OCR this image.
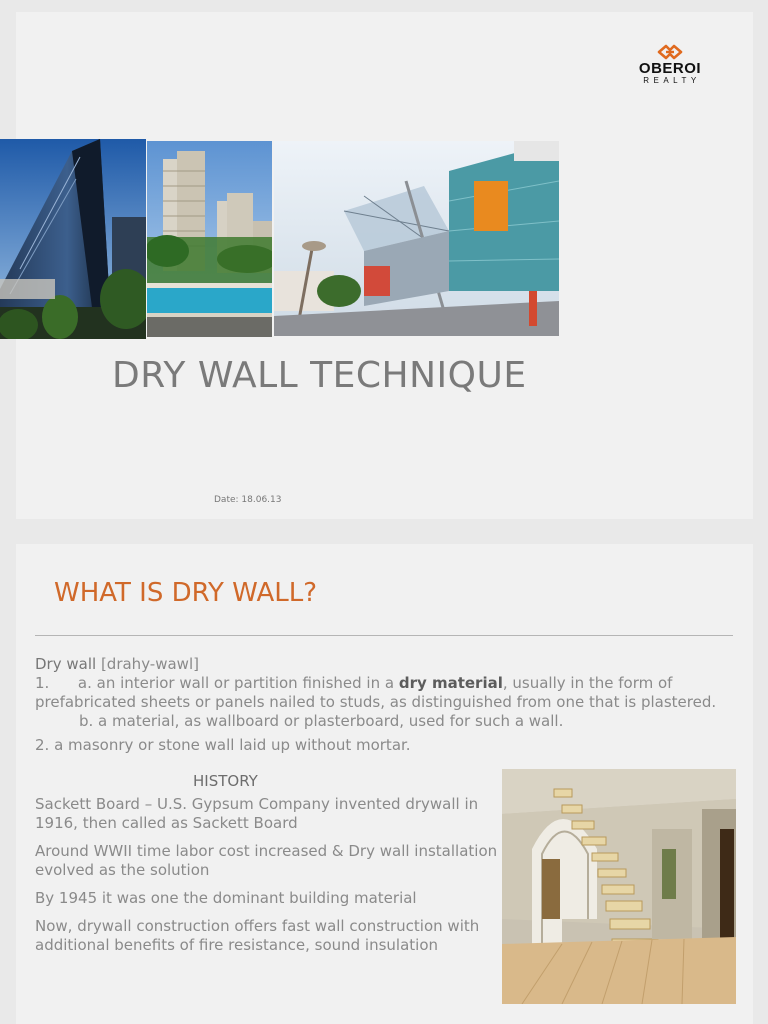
OBEROI
REALTY
DRY WALL TECHNIQUE
Date: 18.06.13
WHAT IS DRY WALL?

Dry wall [drahy-wawl]

1. a. an interior wall or partition finished in a dry material, usually in the form of prefabricated sheets or panels nailed to studs, as distinguished from one that is plastered.

b. a material, as wallboard or plasterboard, used for such a wall.

2. a masonry or stone wall laid up without mortar.

HISTORY

Sackett Board – U.S. Gypsum Company invented drywall in 1916, then called as Sackett Board

Around WWII time labor cost increased & Dry wall installation evolved as the solution

By 1945 it was one the dominant building material

Now, drywall construction offers fast wall construction with additional benefits of fire resistance, sound insulation
